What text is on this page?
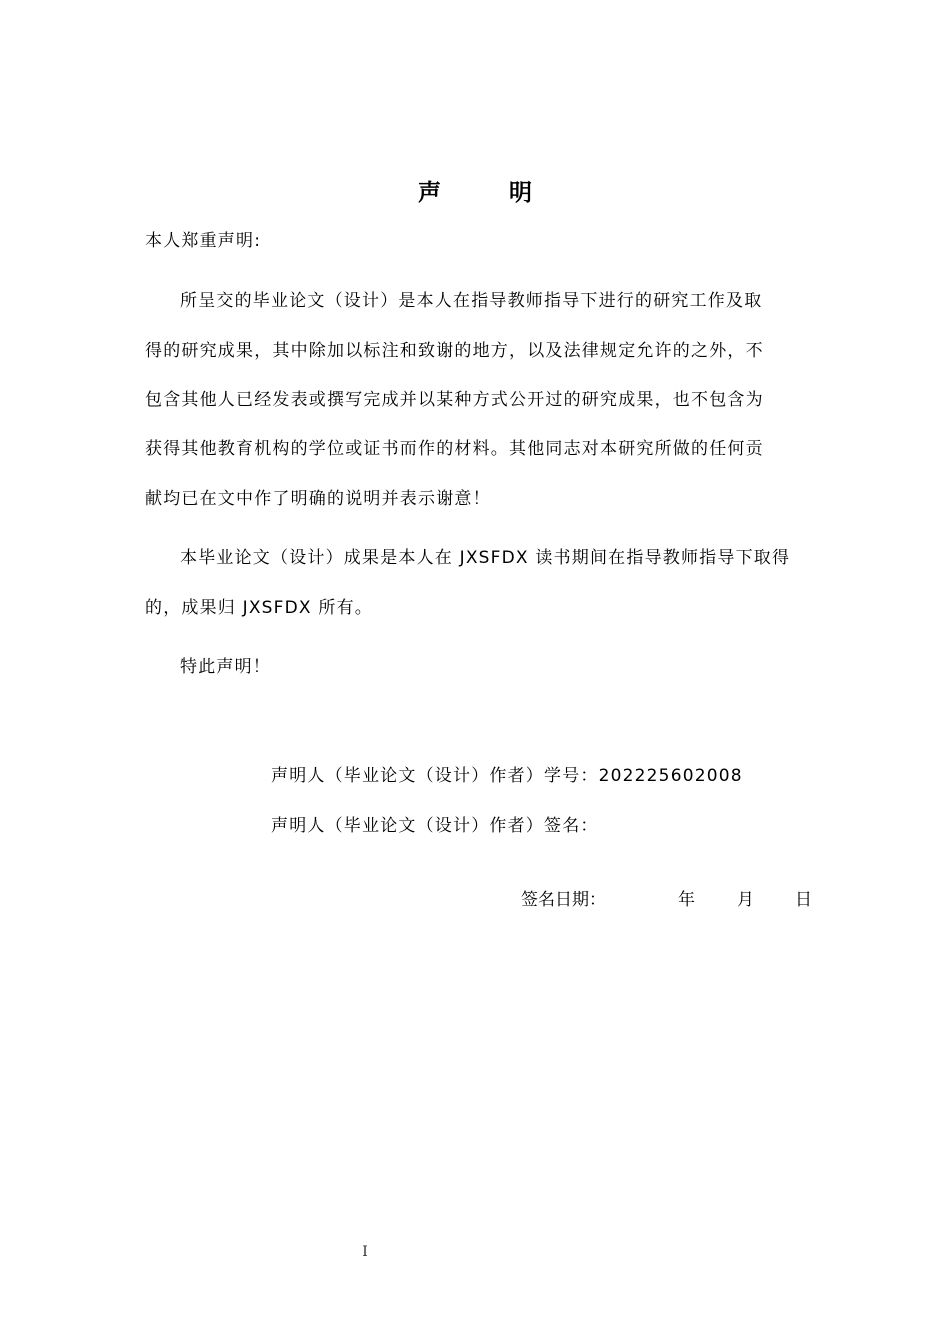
声	明
本人郑重声明:
所呈交的毕业论文（设计）是本人在指导教师指导下进行的研究工作及取
得的研究成果，其中除加以标注和致谢的地方，以及法律规定允许的之外，不
包含其他人已经发表或撰写完成并以某种方式公开过的研究成果，也不包含为
获得其他教育机构的学位或证书而作的材料。其他同志对本研究所做的任何贡
献均已在文中作了明确的说明并表示谢意！
本毕业论文（设计）成果是本人在 JXSFDX 读书期间在指导教师指导下取得
的，成果归 JXSFDX 所有。
特此声明！
声明人（毕业论文（设计）作者）学号：202225602008
声明人（毕业论文（设计）作者）签名：
签名日期：	年 月 日
I
